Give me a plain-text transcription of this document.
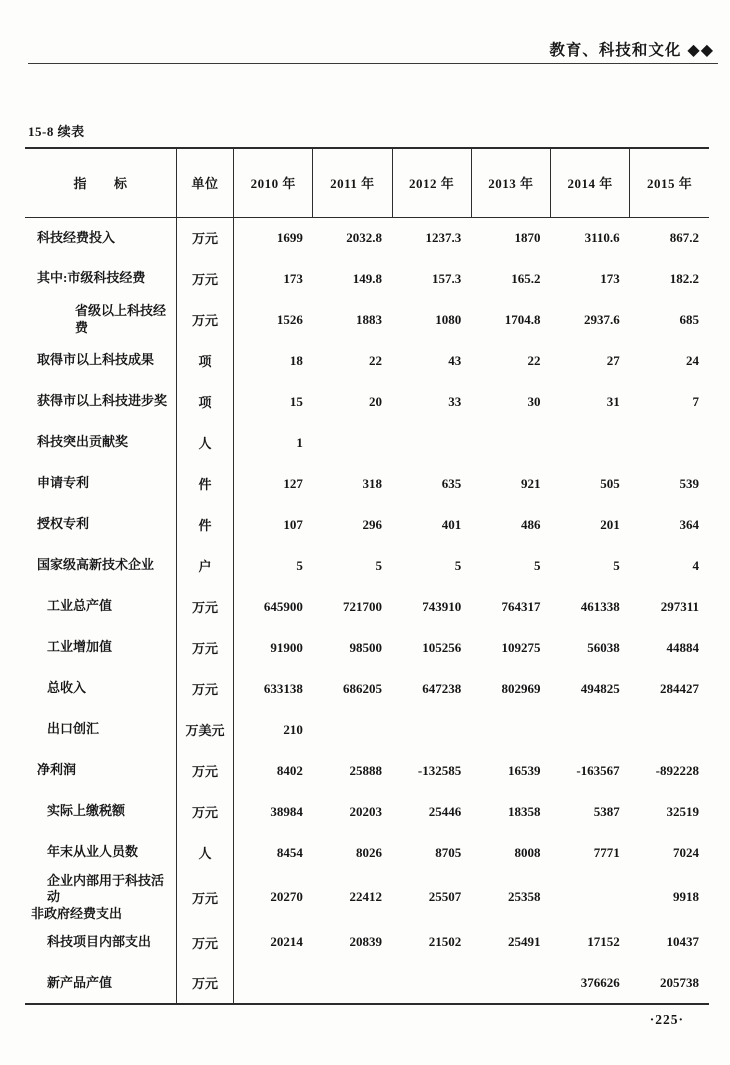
教育、科技和文化 ◆◆
15-8 续表
指　　标	单位	2010 年	2011 年	2012 年	2013 年	2014 年	2015 年

科技经费投入	万元	1699	2032.8	1237.3	1870	3110.6	867.2

其中:市级科技经费	万元	173	149.8	157.3	165.2	173	182.2

省级以上科技经费	万元	1526	1883	1080	1704.8	2937.6	685

取得市以上科技成果	项	18	22	43	22	27	24

获得市以上科技进步奖	项	15	20	33	30	31	7

科技突出贡献奖	人	1					

申请专利	件	127	318	635	921	505	539

授权专利	件	107	296	401	486	201	364

国家级高新技术企业	户	5	5	5	5	5	4

工业总产值	万元	645900	721700	743910	764317	461338	297311

工业增加值	万元	91900	98500	105256	109275	56038	44884

总收入	万元	633138	686205	647238	802969	494825	284427

出口创汇	万美元	210					

净利润	万元	8402	25888	-132585	16539	-163567	-892228

实际上缴税额	万元	38984	20203	25446	18358	5387	32519

年末从业人员数	人	8454	8026	8705	8008	7771	7024

企业内部用于科技活动
非政府经费支出	万元	20270	22412	25507	25358		9918

科技项目内部支出	万元	20214	20839	21502	25491	17152	10437

新产品产值	万元					376626	205738
·225·
